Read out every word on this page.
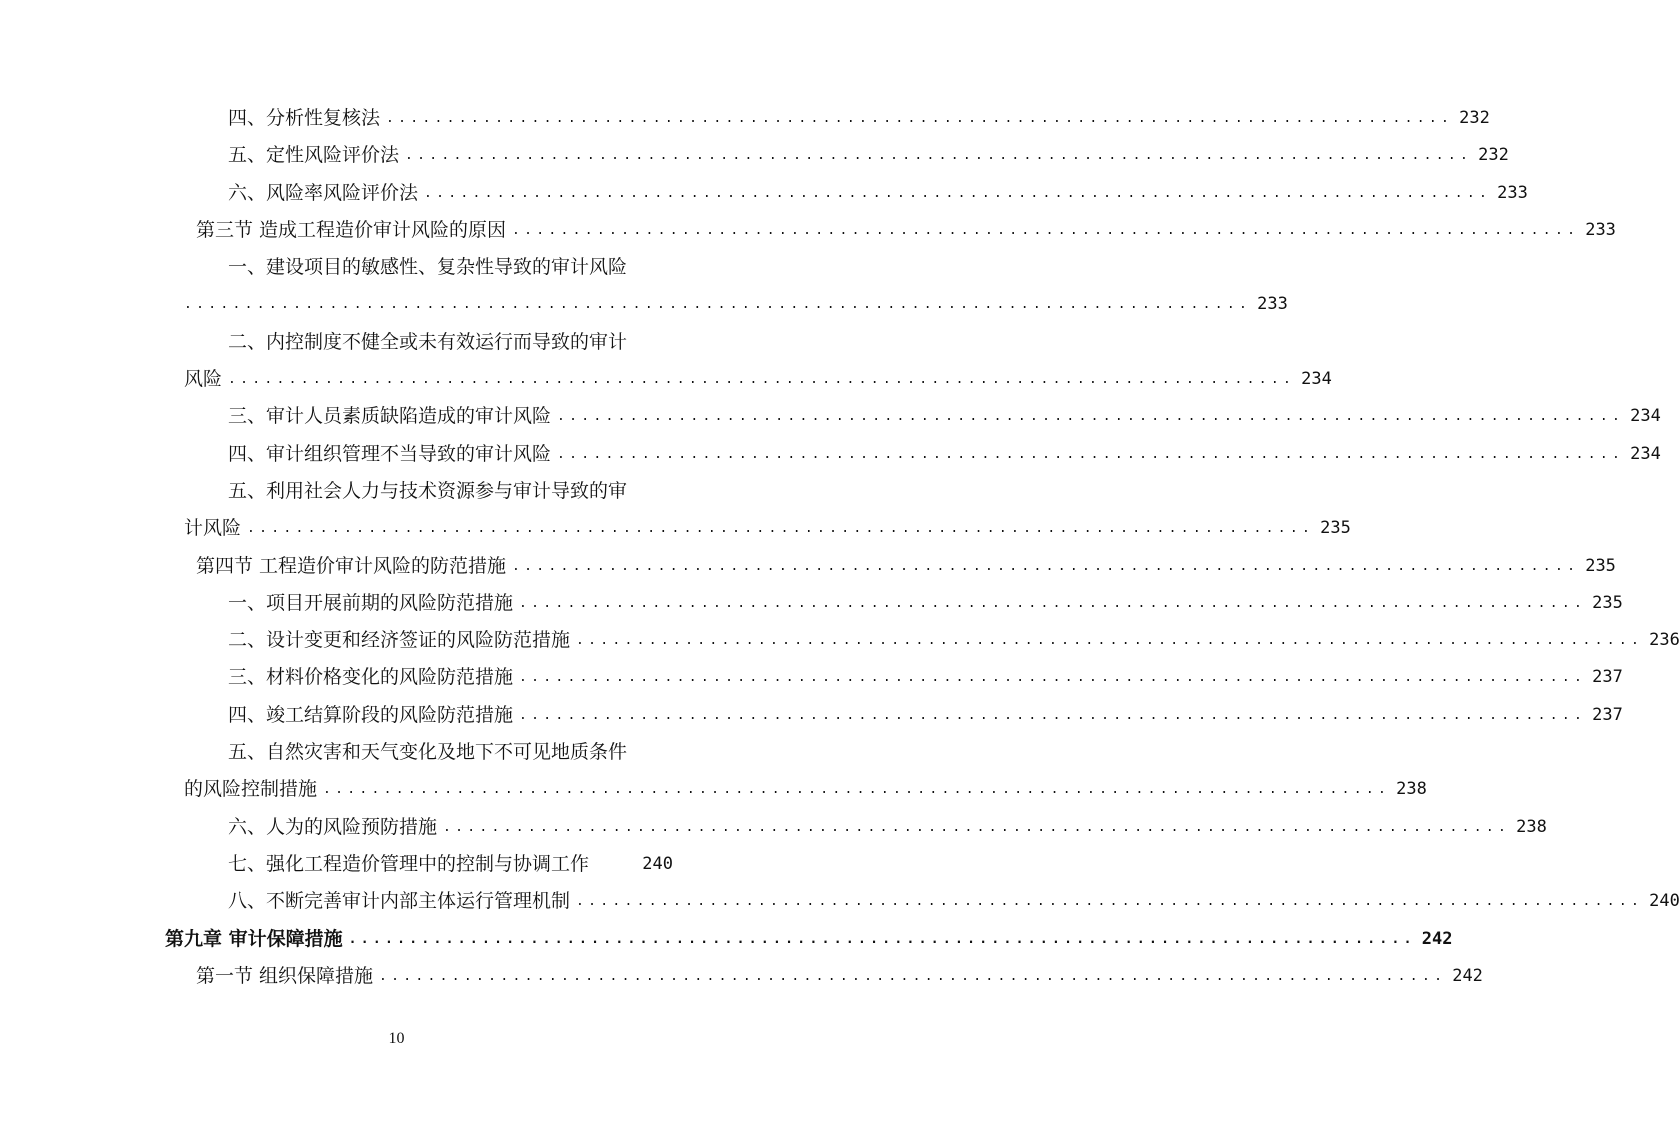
四、分析性复核法 ........................................................................................ 232
五、定性风险评价法 ........................................................................................ 232
六、风险率风险评价法 ........................................................................................ 233
第三节 造成工程造价审计风险的原因 ........................................................................................ 233
一、建设项目的敏感性、复杂性导致的审计风险
........................................................................................ 233
二、内控制度不健全或未有效运行而导致的审计
风险 ........................................................................................ 234
三、审计人员素质缺陷造成的审计风险 ........................................................................................ 234
四、审计组织管理不当导致的审计风险 ........................................................................................ 234
五、利用社会人力与技术资源参与审计导致的审
计风险 ........................................................................................ 235
第四节 工程造价审计风险的防范措施 ........................................................................................ 235
一、项目开展前期的风险防范措施 ........................................................................................ 235
二、设计变更和经济签证的风险防范措施 ........................................................................................ 236
三、材料价格变化的风险防范措施 ........................................................................................ 237
四、竣工结算阶段的风险防范措施 ........................................................................................ 237
五、自然灾害和天气变化及地下不可见地质条件
的风险控制措施 ........................................................................................ 238
六、人为的风险预防措施 ........................................................................................ 238
七、强化工程造价管理中的控制与协调工作	240
八、不断完善审计内部主体运行管理机制 ........................................................................................ 240
第九章 审计保障措施 ........................................................................................ 242
第一节 组织保障措施 ........................................................................................ 242
10
